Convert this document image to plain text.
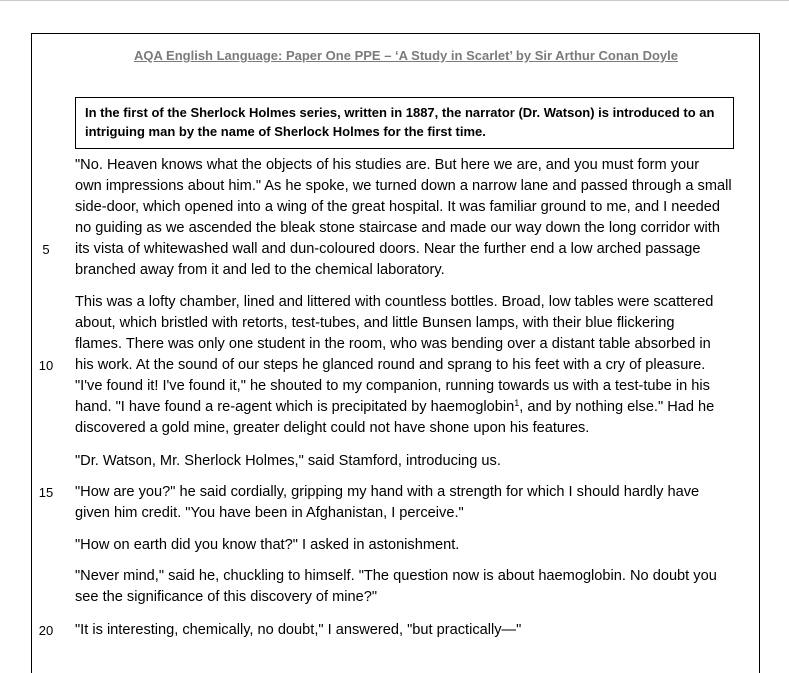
AQA English Language: Paper One PPE – ‘A Study in Scarlet’ by Sir Arthur Conan Doyle
In the first of the Sherlock Holmes series, written in 1887, the narrator (Dr. Watson) is introduced to an
intriguing man by the name of Sherlock Holmes for the first time.
"No. Heaven knows what the objects of his studies are. But here we are, and you must form your
own impressions about him." As he spoke, we turned down a narrow lane and passed through a small
side-door, which opened into a wing of the great hospital. It was familiar ground to me, and I needed
no guiding as we ascended the bleak stone staircase and made our way down the long corridor with
its vista of whitewashed wall and dun-coloured doors. Near the further end a low arched passage
5
branched away from it and led to the chemical laboratory.
This was a lofty chamber, lined and littered with countless bottles. Broad, low tables were scattered
about, which bristled with retorts, test-tubes, and little Bunsen lamps, with their blue flickering
flames. There was only one student in the room, who was bending over a distant table absorbed in
his work. At the sound of our steps he glanced round and sprang to his feet with a cry of pleasure.
10
"I've found it! I've found it," he shouted to my companion, running towards us with a test-tube in his
hand. "I have found a re-agent which is precipitated by haemoglobin$^1$, and by nothing else." Had he
discovered a gold mine, greater delight could not have shone upon his features.
"Dr. Watson, Mr. Sherlock Holmes," said Stamford, introducing us.
"How are you?" he said cordially, gripping my hand with a strength for which I should hardly have
15
given him credit. "You have been in Afghanistan, I perceive."
"How on earth did you know that?" I asked in astonishment.
"Never mind," said he, chuckling to himself. "The question now is about haemoglobin. No doubt you
see the significance of this discovery of mine?"
"It is interesting, chemically, no doubt," I answered, "but practically—"
20
